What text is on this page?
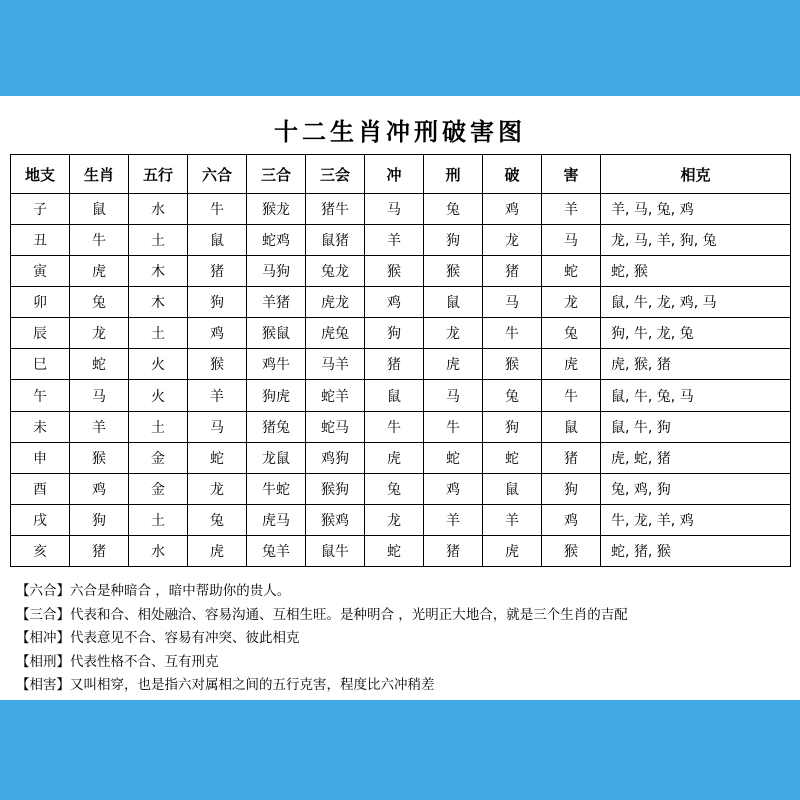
十二生肖冲刑破害图
地支	生肖	五行	六合	三合	三会	冲	刑	破	害	相克
子	鼠	水	牛	猴龙	猪牛	马	兔	鸡	羊	羊, 马, 兔, 鸡
丑	牛	土	鼠	蛇鸡	鼠猪	羊	狗	龙	马	龙, 马, 羊, 狗, 兔
寅	虎	木	猪	马狗	兔龙	猴	猴	猪	蛇	蛇, 猴
卯	兔	木	狗	羊猪	虎龙	鸡	鼠	马	龙	鼠, 牛, 龙, 鸡, 马
辰	龙	土	鸡	猴鼠	虎兔	狗	龙	牛	兔	狗, 牛, 龙, 兔
巳	蛇	火	猴	鸡牛	马羊	猪	虎	猴	虎	虎, 猴, 猪
午	马	火	羊	狗虎	蛇羊	鼠	马	兔	牛	鼠, 牛, 兔, 马
未	羊	土	马	猪兔	蛇马	牛	牛	狗	鼠	鼠, 牛, 狗
申	猴	金	蛇	龙鼠	鸡狗	虎	蛇	蛇	猪	虎, 蛇, 猪
酉	鸡	金	龙	牛蛇	猴狗	兔	鸡	鼠	狗	兔, 鸡, 狗
戌	狗	土	兔	虎马	猴鸡	龙	羊	羊	鸡	牛, 龙, 羊, 鸡
亥	猪	水	虎	兔羊	鼠牛	蛇	猪	虎	猴	蛇, 猪, 猴
【六合】六合是种暗合 ，暗中帮助你的贵人。
【三合】代表和合、相处融洽、容易沟通、互相生旺。是种明合 ，光明正大地合，就是三个生肖的吉配
【相冲】代表意见不合、容易有冲突、彼此相克
【相刑】代表性格不合、互有刑克
【相害】又叫相穿，也是指六对属相之间的五行克害，程度比六冲稍差
